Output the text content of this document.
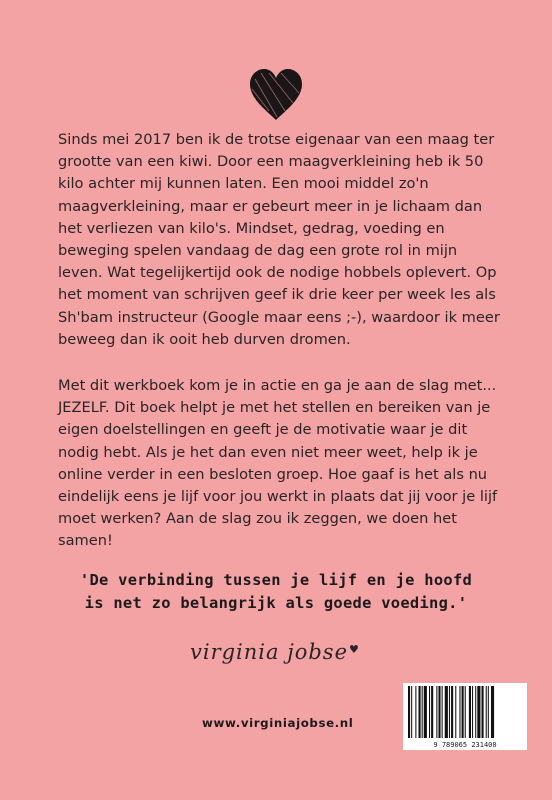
Sinds mei 2017 ben ik de trotse eigenaar van een maag ter grootte van een kiwi. Door een maagverkleining heb ik 50 kilo achter mij kunnen laten. Een mooi middel zo'n maagverkleining, maar er gebeurt meer in je lichaam dan het verliezen van kilo's. Mindset, gedrag, voeding en beweging spelen vandaag de dag een grote rol in mijn leven. Wat tegelijkertijd ook de nodige hobbels oplevert. Op het moment van schrijven geef ik drie keer per week les als Sh'bam instructeur (Google maar eens ;-), waardoor ik meer beweeg dan ik ooit heb durven dromen.

Met dit werkboek kom je in actie en ga je aan de slag met... JEZELF. Dit boek helpt je met het stellen en bereiken van je eigen doelstellingen en geeft je de motivatie waar je dit nodig hebt. Als je het dan even niet meer weet, help ik je online verder in een besloten groep. Hoe gaaf is het als nu eindelijk eens je lijf voor jou werkt in plaats dat jij voor je lijf moet werken? Aan de slag zou ik zeggen, we doen het samen!

'De verbinding tussen je lijf en je hoofd
is net zo belangrijk als goede voeding.'
virginia jobse♥
www.virginiajobse.nl
9 789065 231400
